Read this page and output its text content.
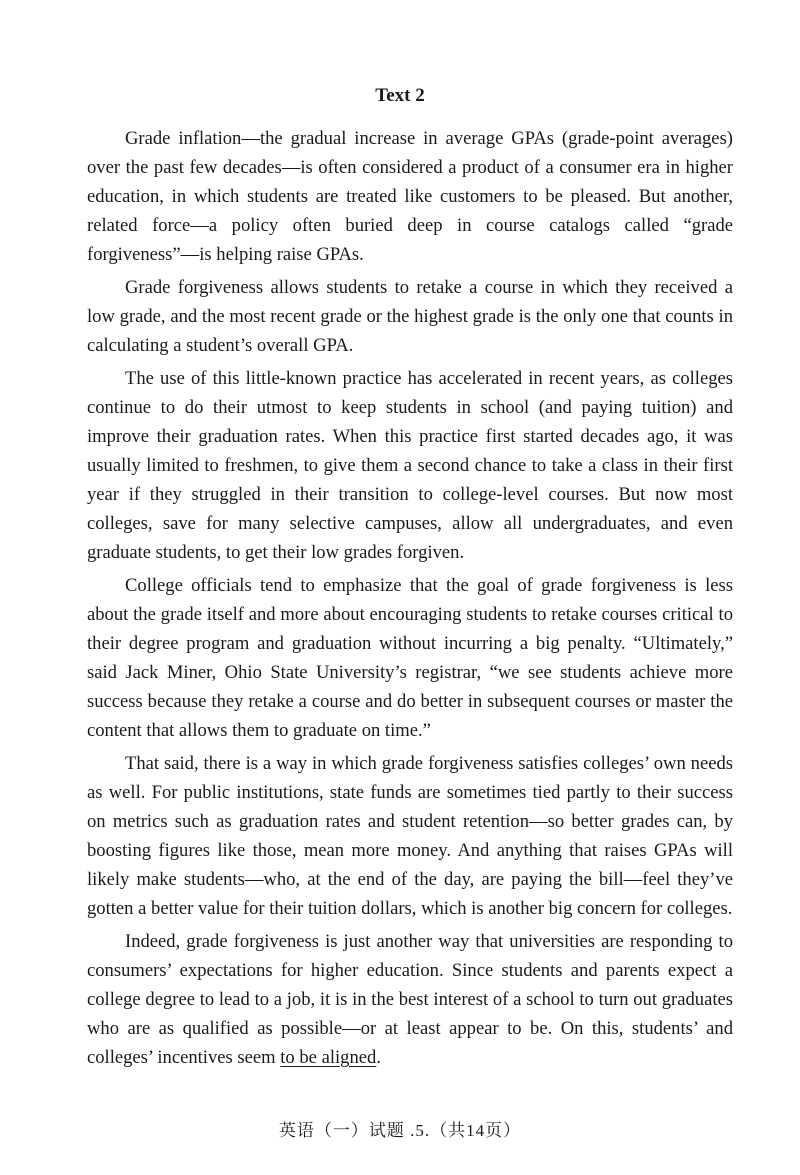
Text 2

Grade inflation—the gradual increase in average GPAs (grade-point averages) over the past few decades—is often considered a product of a consumer era in higher education, in which students are treated like customers to be pleased. But another, related force—a policy often buried deep in course catalogs called “grade forgiveness”—is helping raise GPAs.

Grade forgiveness allows students to retake a course in which they received a low grade, and the most recent grade or the highest grade is the only one that counts in calculating a student’s overall GPA.

The use of this little-known practice has accelerated in recent years, as colleges continue to do their utmost to keep students in school (and paying tuition) and improve their graduation rates. When this practice first started decades ago, it was usually limited to freshmen, to give them a second chance to take a class in their first year if they struggled in their transition to college-level courses. But now most colleges, save for many selective campuses, allow all undergraduates, and even graduate students, to get their low grades forgiven.

College officials tend to emphasize that the goal of grade forgiveness is less about the grade itself and more about encouraging students to retake courses critical to their degree program and graduation without incurring a big penalty. “Ultimately,” said Jack Miner, Ohio State University’s registrar, “we see students achieve more success because they retake a course and do better in subsequent courses or master the content that allows them to graduate on time.”

That said, there is a way in which grade forgiveness satisfies colleges’ own needs as well. For public institutions, state funds are sometimes tied partly to their success on metrics such as graduation rates and student retention—so better grades can, by boosting figures like those, mean more money. And anything that raises GPAs will likely make students—who, at the end of the day, are paying the bill—feel they’ve gotten a better value for their tuition dollars, which is another big concern for colleges.

Indeed, grade forgiveness is just another way that universities are responding to consumers’ expectations for higher education. Since students and parents expect a college degree to lead to a job, it is in the best interest of a school to turn out graduates who are as qualified as possible—or at least appear to be. On this, students’ and colleges’ incentives seem to be aligned.

英语（一）试题 .5.（共14页）
